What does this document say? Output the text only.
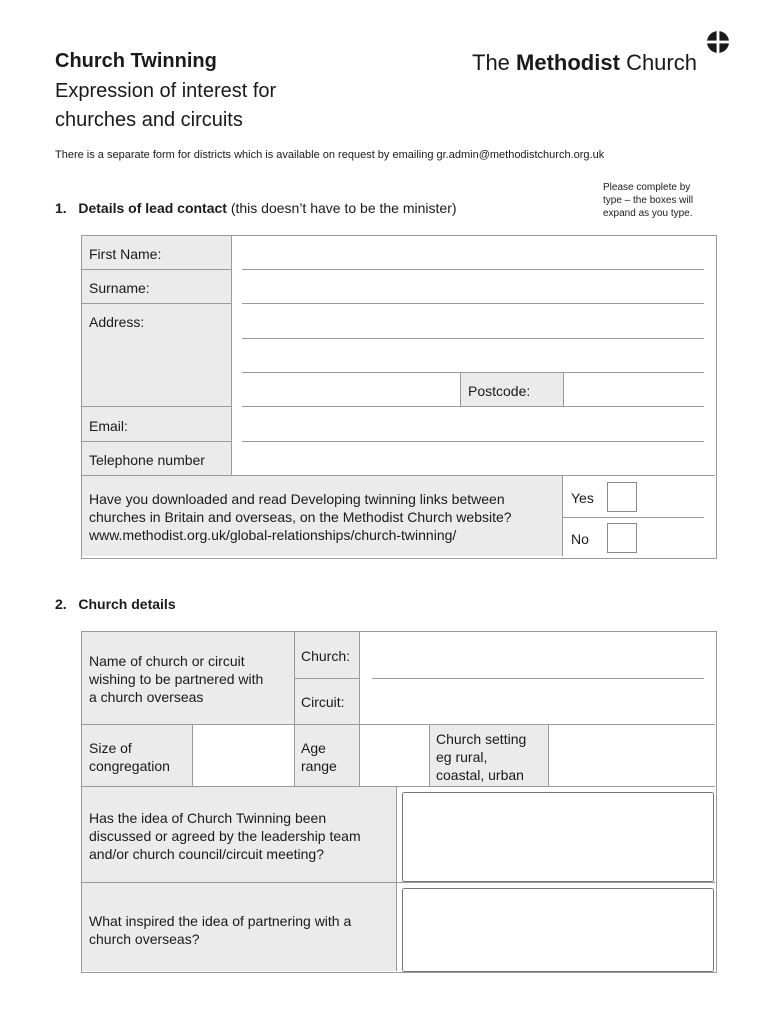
Church Twinning
Expression of interest for
churches and circuits
The Methodist Church
There is a separate form for districts which is available on request by emailing gr.admin@methodistchurch.org.uk
1. Details of lead contact (this doesn’t have to be the minister)
Please complete by
type – the boxes will
expand as you type.
First Name:
Surname:
Address:
Email:
Telephone number
Postcode:
Have you downloaded and read Developing twinning links between
churches in Britain and overseas, on the Methodist Church website?
www.methodist.org.uk/global-relationships/church-twinning/
Yes
No
2. Church details
Name of church or circuit
wishing to be partnered with
a church overseas
Church:
Circuit:
Size of
congregation
Age
range
Church setting
eg rural,
coastal, urban
Has the idea of Church Twinning been
discussed or agreed by the leadership team
and/or church council/circuit meeting?
What inspired the idea of partnering with a
church overseas?
